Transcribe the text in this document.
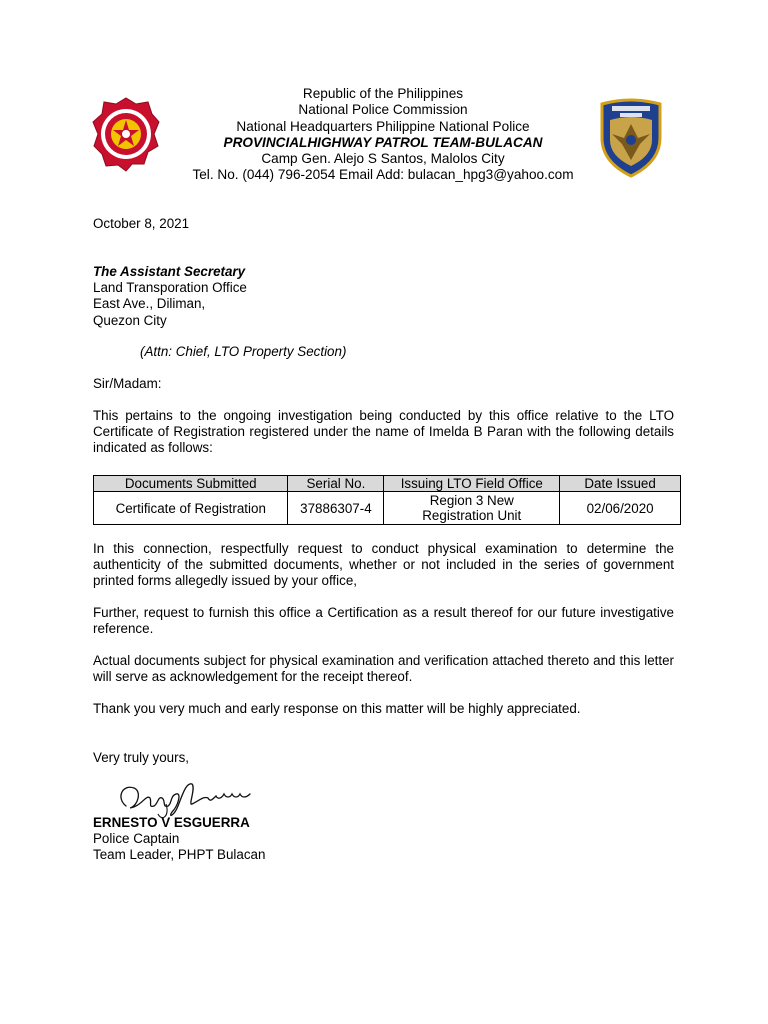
Republic of the Philippines
National Police Commission
National Headquarters Philippine National Police
PROVINCIALHIGHWAY PATROL TEAM-BULACAN
Camp Gen. Alejo S Santos, Malolos City
Tel. No. (044) 796-2054 Email Add: bulacan_hpg3@yahoo.com
October 8, 2021
The Assistant Secretary
Land Transporation Office
East Ave., Diliman,
Quezon City
(Attn: Chief, LTO Property Section)
Sir/Madam:
This pertains to the ongoing investigation being conducted by this office relative to the LTO Certificate of Registration registered under the name of Imelda B Paran with the following details indicated as follows:
Documents Submitted	Serial No.	Issuing LTO Field Office	Date Issued
Certificate of Registration	37886307-4	Region 3 New Registration Unit	02/06/2020
In this connection, respectfully request to conduct physical examination to determine the authenticity of the submitted documents, whether or not included in the series of government printed forms allegedly issued by your office,
Further, request to furnish this office a Certification as a result thereof for our future investigative reference.
Actual documents subject for physical examination and verification attached thereto and this letter will serve as acknowledgement for the receipt thereof.
Thank you very much and early response on this matter will be highly appreciated.
Very truly yours,
ERNESTO V ESGUERRA
Police Captain
Team Leader, PHPT Bulacan
